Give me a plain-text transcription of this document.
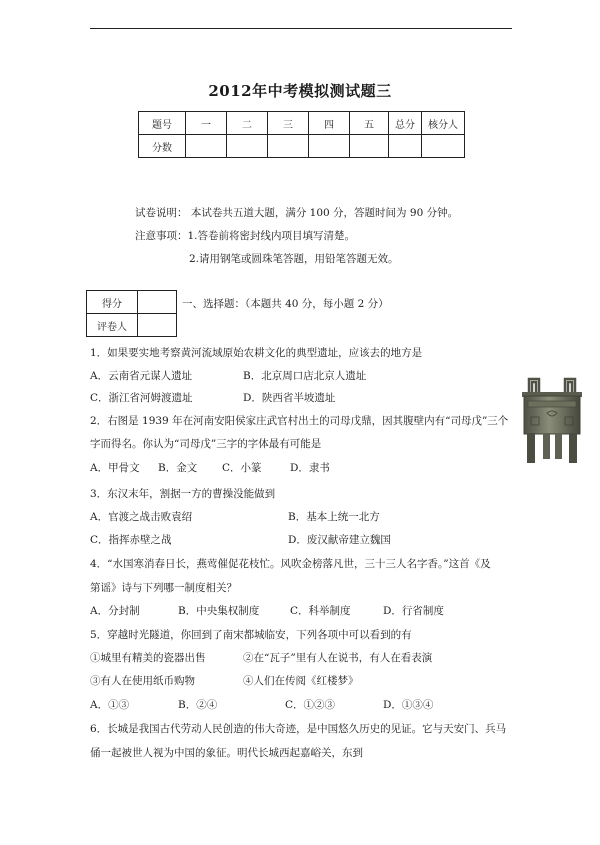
2012年中考模拟测试题三
题号	一	二	三	四	五	总分	核分人
分数							
试卷说明： 本试卷共五道大题，满分 100 分，答题时间为 90 分钟。
注意事项：1.答卷前将密封线内项目填写清楚。
2.请用钢笔或圆珠笔答题，用铅笔答题无效。
得分	
评卷人	
一、选择题：（本题共 40 分，每小题 2 分）
1．如果要实地考察黄河流域原始农耕文化的典型遗址，应该去的地方是
A．云南省元谋人遗址	B．北京周口店北京人遗址
C．浙江省河姆渡遗址	D．陕西省半坡遗址
2．右图是 1939 年在河南安阳侯家庄武官村出土的司母戊鼎，因其腹壁内有“司母戊”三个
字而得名。你认为“司母戊”三字的字体最有可能是
A．甲骨文 B．金文 C．小篆	D．隶书
3．东汉末年，割据一方的曹操没能做到
A．官渡之战击败袁绍	B．基本上统一北方
C．指挥赤壁之战	D．废汉献帝建立魏国
4．“水国寒消春日长，燕莺催促花枝忙。风吹金榜落凡世，三十三人名字香。”这首《及
第谣》诗与下列哪一制度相关？
A．分封制	B．中央集权制度	C．科举制度	D．行省制度
5．穿越时光隧道，你回到了南宋都城临安，下列各项中可以看到的有
①城里有精美的瓷器出售	②在“瓦子”里有人在说书，有人在看表演
③有人在使用纸币购物	④人们在传阅《红楼梦》
A．①③	B．②④	C．①②③	D．①③④
6．长城是我国古代劳动人民创造的伟大奇迹，是中国悠久历史的见证。它与天安门、兵马
俑一起被世人视为中国的象征。明代长城西起嘉峪关，东到
